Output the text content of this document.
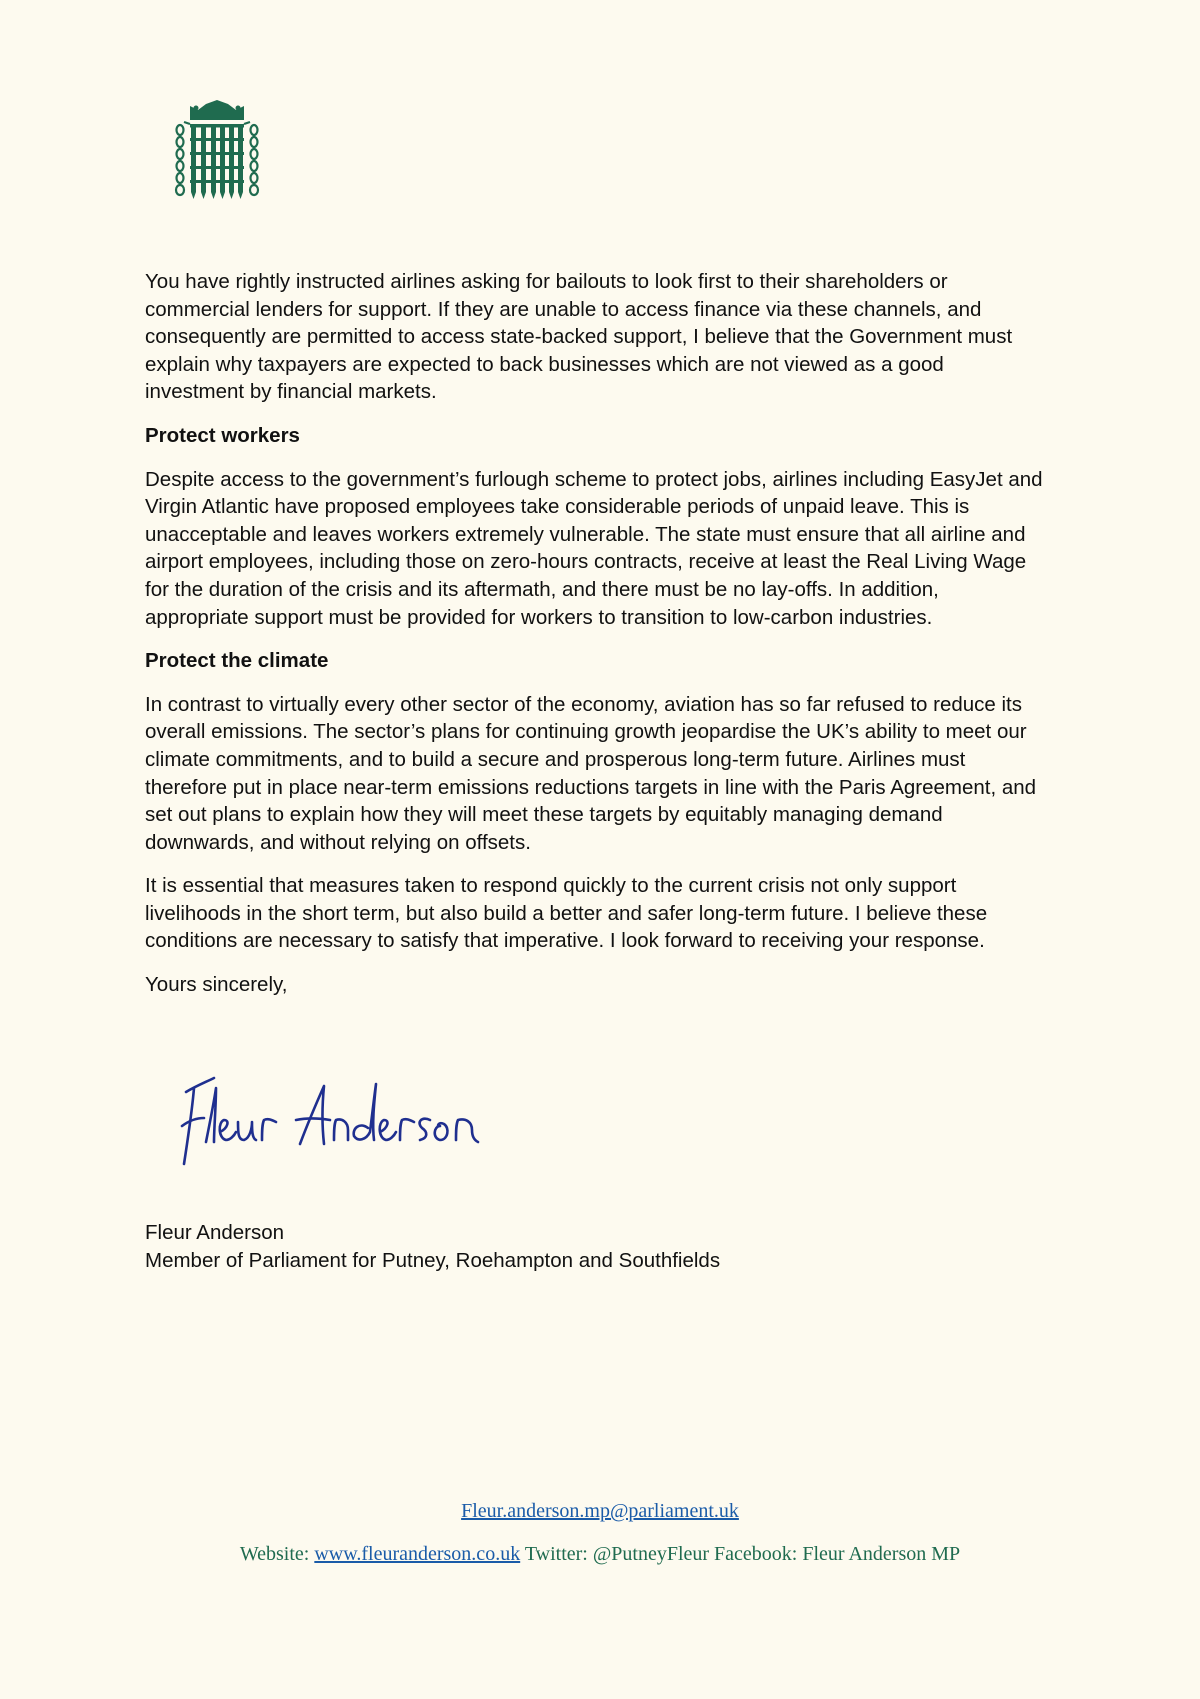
You have rightly instructed airlines asking for bailouts to look first to their shareholders or commercial lenders for support. If they are unable to access finance via these channels, and consequently are permitted to access state-backed support, I believe that the Government must explain why taxpayers are expected to back businesses which are not viewed as a good investment by financial markets.

Protect workers

Despite access to the government’s furlough scheme to protect jobs, airlines including EasyJet and Virgin Atlantic have proposed employees take considerable periods of unpaid leave. This is unacceptable and leaves workers extremely vulnerable. The state must ensure that all airline and airport employees, including those on zero-hours contracts, receive at least the Real Living Wage for the duration of the crisis and its aftermath, and there must be no lay-offs. In addition, appropriate support must be provided for workers to transition to low-carbon industries.

Protect the climate

In contrast to virtually every other sector of the economy, aviation has so far refused to reduce its overall emissions. The sector’s plans for continuing growth jeopardise the UK’s ability to meet our climate commitments, and to build a secure and prosperous long-term future. Airlines must therefore put in place near-term emissions reductions targets in line with the Paris Agreement, and set out plans to explain how they will meet these targets by equitably managing demand downwards, and without relying on offsets.

It is essential that measures taken to respond quickly to the current crisis not only support livelihoods in the short term, but also build a better and safer long-term future. I believe these conditions are necessary to satisfy that imperative. I look forward to receiving your response.

Yours sincerely,

Fleur Anderson
Member of Parliament for Putney, Roehampton and Southfields
Fleur.anderson.mp@parliament.uk
Website: www.fleuranderson.co.uk Twitter: @PutneyFleur Facebook: Fleur Anderson MP
